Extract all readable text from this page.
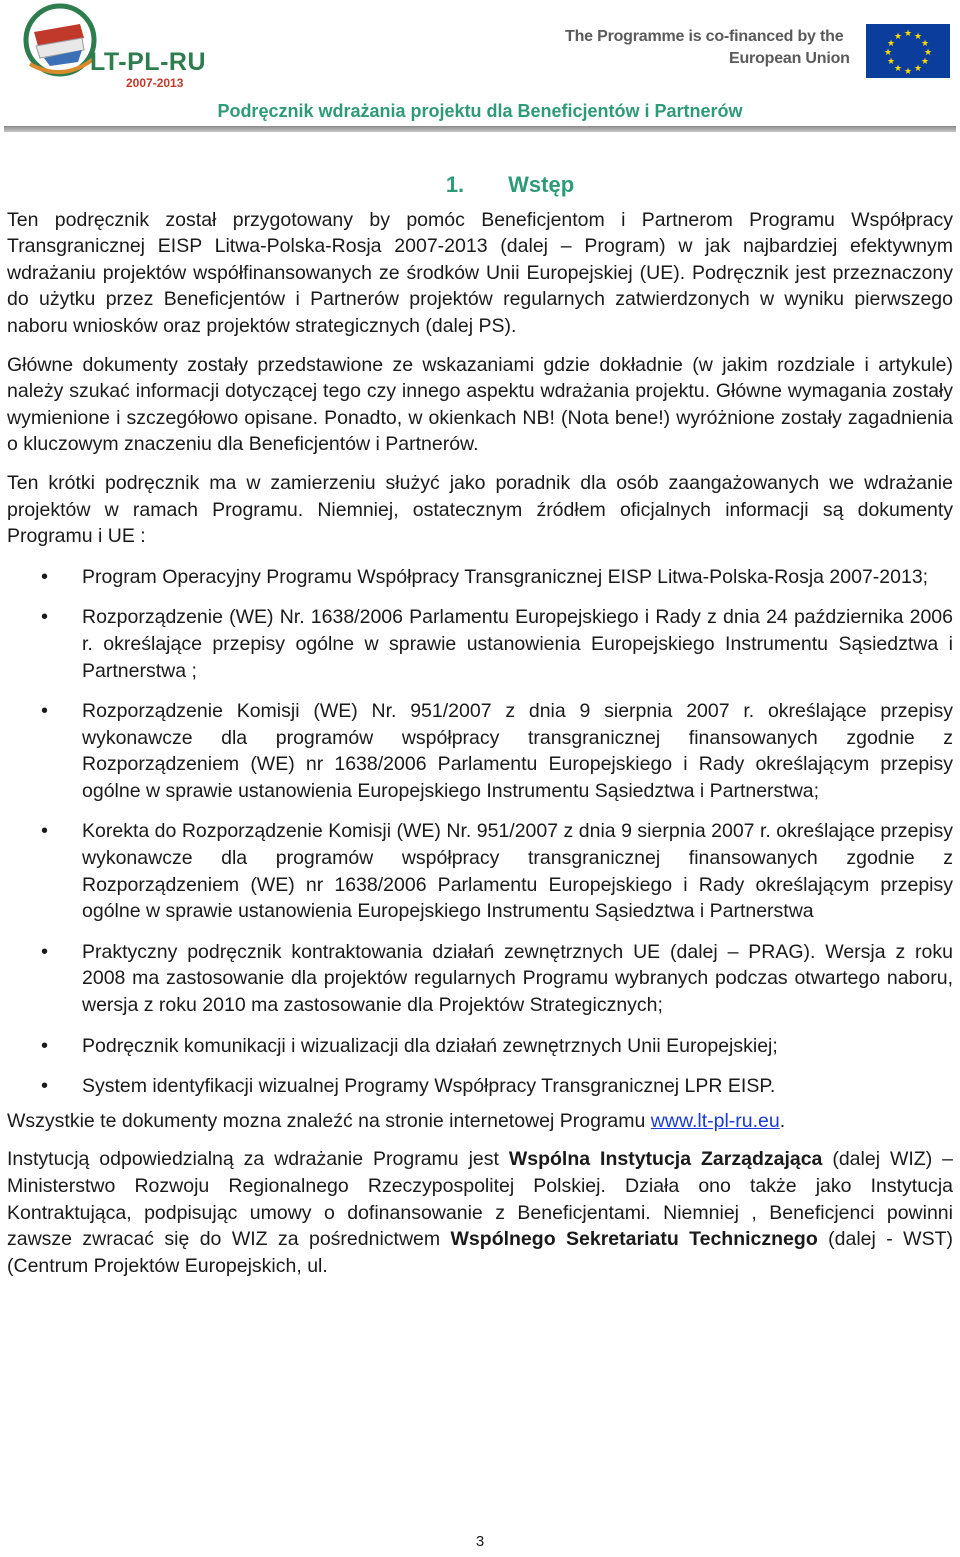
LT-PL-RU
2007-2013
The Programme is co-financed by the
European Union
★ ★
★
★
★
★
★
★
★
★
★
★
Podręcznik wdrażania projektu dla Beneficjentów i Partnerów
1. Wstęp

Ten podręcznik został przygotowany by pomóc Beneficjentom i Partnerom Programu Współpracy Transgranicznej EISP Litwa-Polska-Rosja 2007-2013 (dalej – Program) w jak najbardziej efektywnym wdrażaniu projektów współfinansowanych ze środków Unii Europejskiej (UE). Podręcznik jest przeznaczony do użytku przez Beneficjentów i Partnerów projektów regularnych zatwierdzonych w wyniku pierwszego naboru wniosków oraz projektów strategicznych (dalej PS).

Główne dokumenty zostały przedstawione ze wskazaniami gdzie dokładnie (w jakim rozdziale i artykule) należy szukać informacji dotyczącej tego czy innego aspektu wdrażania projektu. Główne wymagania zostały wymienione i szczegółowo opisane. Ponadto, w okienkach NB! (Nota bene!) wyróżnione zostały zagadnienia o kluczowym znaczeniu dla Beneficjentów i Partnerów.

Ten krótki podręcznik ma w zamierzeniu służyć jako poradnik dla osób zaangażowanych we wdrażanie projektów w ramach Programu. Niemniej, ostatecznym źródłem oficjalnych informacji są dokumenty Programu i UE :

• Program Operacyjny Programu Współpracy Transgranicznej EISP Litwa-Polska-Rosja 2007-2013;
• Rozporządzenie (WE) Nr. 1638/2006 Parlamentu Europejskiego i Rady z dnia 24 października 2006 r. określające przepisy ogólne w sprawie ustanowienia Europejskiego Instrumentu Sąsiedztwa i Partnerstwa ;
• Rozporządzenie Komisji (WE) Nr. 951/2007 z dnia 9 sierpnia 2007 r. określające przepisy wykonawcze dla programów współpracy transgranicznej finansowanych zgodnie z Rozporządzeniem (WE) nr 1638/2006 Parlamentu Europejskiego i Rady określającym przepisy ogólne w sprawie ustanowienia Europejskiego Instrumentu Sąsiedztwa i Partnerstwa;
• Korekta do Rozporządzenie Komisji (WE) Nr. 951/2007 z dnia 9 sierpnia 2007 r. określające przepisy wykonawcze dla programów współpracy transgranicznej finansowanych zgodnie z Rozporządzeniem (WE) nr 1638/2006 Parlamentu Europejskiego i Rady określającym przepisy ogólne w sprawie ustanowienia Europejskiego Instrumentu Sąsiedztwa i Partnerstwa
• Praktyczny podręcznik kontraktowania działań zewnętrznych UE (dalej – PRAG). Wersja z roku 2008 ma zastosowanie dla projektów regularnych Programu wybranych podczas otwartego naboru, wersja z roku 2010 ma zastosowanie dla Projektów Strategicznych;
• Podręcznik komunikacji i wizualizacji dla działań zewnętrznych Unii Europejskiej;
• System identyfikacji wizualnej Programy Współpracy Transgranicznej LPR EISP.

Wszystkie te dokumenty mozna znaleźć na stronie internetowej Programu www.lt-pl-ru.eu.

Instytucją odpowiedzialną za wdrażanie Programu jest Wspólna Instytucja Zarządzająca (dalej WIZ) – Ministerstwo Rozwoju Regionalnego Rzeczypospolitej Polskiej. Działa ono także jako Instytucja Kontraktująca, podpisując umowy o dofinansowanie z Beneficjentami. Niemniej , Beneficjenci powinni zawsze zwracać się do WIZ za pośrednictwem Wspólnego Sekretariatu Technicznego (dalej - WST) (Centrum Projektów Europejskich, ul.

3
